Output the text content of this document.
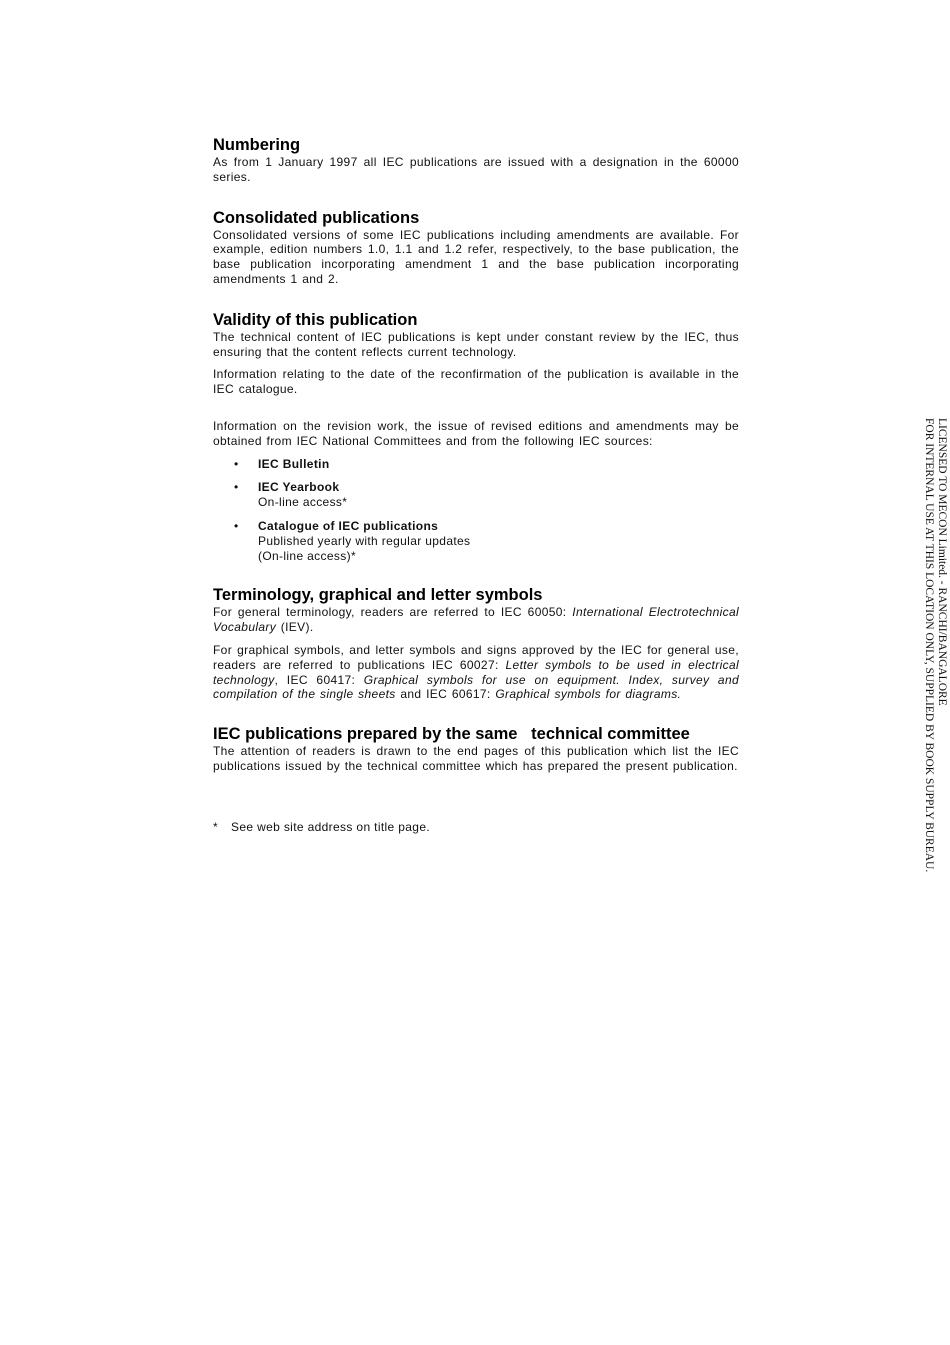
Numbering

As from 1 January 1997 all IEC publications are issued with a designation in the 60000 series.

Consolidated publications

Consolidated versions of some IEC publications including amendments are available. For example, edition numbers 1.0, 1.1 and 1.2 refer, respectively, to the base publication, the base publication incorporating amendment 1 and the base publication incorporating amendments 1 and 2.

Validity of this publication

The technical content of IEC publications is kept under constant review by the IEC, thus ensuring that the content reflects current technology.

Information relating to the date of the reconfirmation of the publication is available in the IEC catalogue.

Information on the revision work, the issue of revised editions and amendments may be obtained from IEC National Committees and from the following IEC sources:

• IEC Bulletin
• IEC Yearbook
On-line access*
• Catalogue of IEC publications
Published yearly with regular updates
(On-line access)*
Terminology, graphical and letter symbols

For general terminology, readers are referred to IEC 60050: International Electrotechnical Vocabulary (IEV).

For graphical symbols, and letter symbols and signs approved by the IEC for general use, readers are referred to publications IEC 60027: Letter symbols to be used in electrical technology, IEC 60417: Graphical symbols for use on equipment. Index, survey and compilation of the single sheets and IEC 60617: Graphical symbols for diagrams.

IEC publications prepared by the same   technical committee

The attention of readers is drawn to the end pages of this publication which list the IEC publications issued by the technical committee which has prepared the present publication.

* See web site address on title page.
LICENSED TO MECON Limited. - RANCHI/BANGALORE
FOR INTERNAL USE AT THIS LOCATION ONLY, SUPPLIED BY BOOK SUPPLY BUREAU.
